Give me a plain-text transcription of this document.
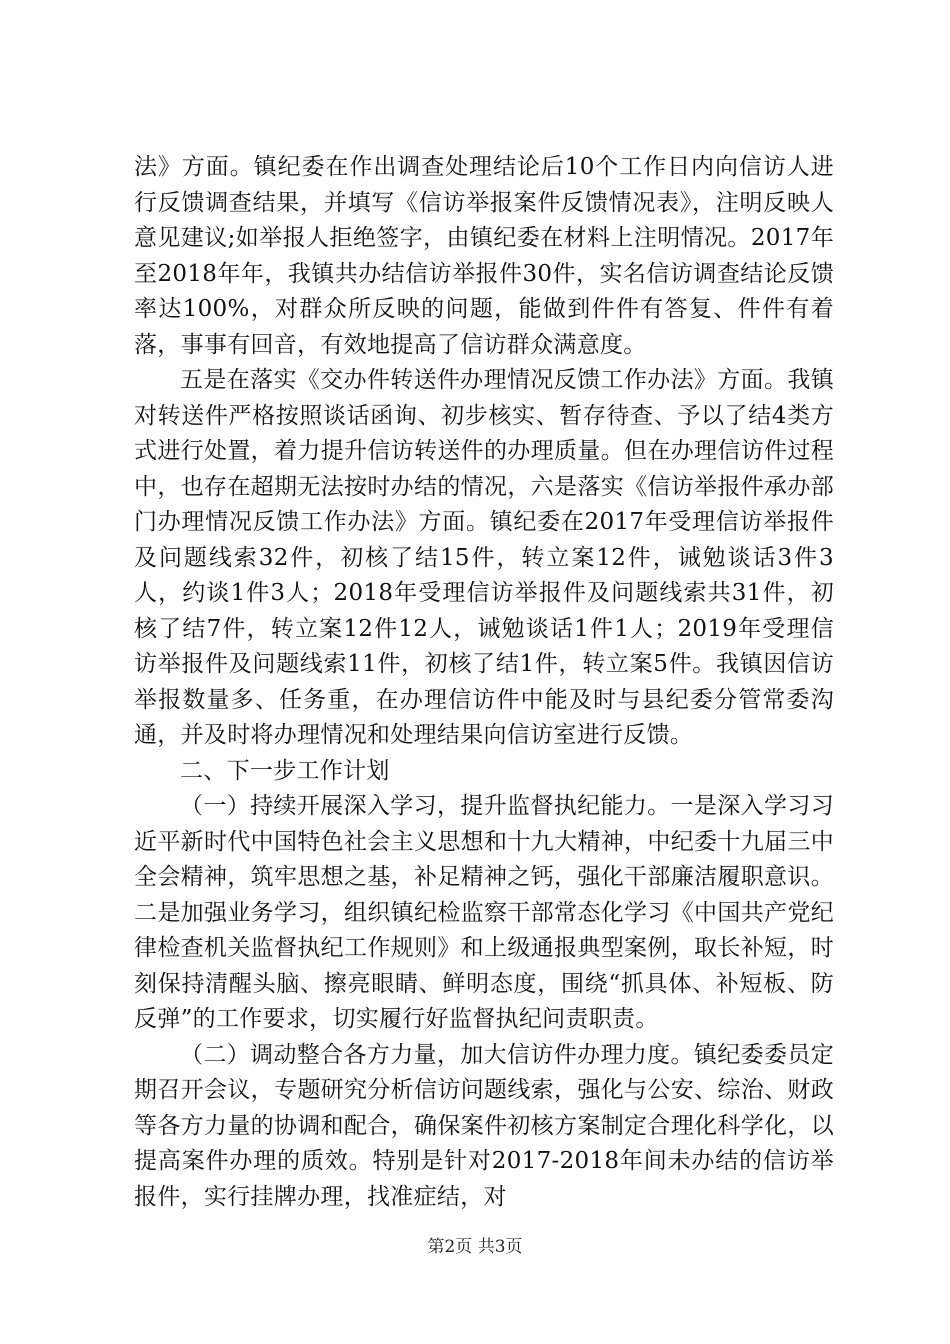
法》方面。镇纪委在作出调查处理结论后10个工作日内向信访人进行反馈调查结果，并填写《信访举报案件反馈情况表》，注明反映人意见建议;如举报人拒绝签字，由镇纪委在材料上注明情况。2017年至2018年年，我镇共办结信访举报件30件，实名信访调查结论反馈率达100%，对群众所反映的问题，能做到件件有答复、件件有着落，事事有回音，有效地提高了信访群众满意度。

五是在落实《交办件转送件办理情况反馈工作办法》方面。我镇对转送件严格按照谈话函询、初步核实、暂存待查、予以了结4类方式进行处置，着力提升信访转送件的办理质量。但在办理信访件过程中，也存在超期无法按时办结的情况，六是落实《信访举报件承办部门办理情况反馈工作办法》方面。镇纪委在2017年受理信访举报件及问题线索32件，初核了结15件，转立案12件，诫勉谈话3件3人，约谈1件3人；2018年受理信访举报件及问题线索共31件，初核了结7件，转立案12件12人，诫勉谈话1件1人；2019年受理信访举报件及问题线索11件，初核了结1件，转立案5件。我镇因信访举报数量多、任务重，在办理信访件中能及时与县纪委分管常委沟通，并及时将办理情况和处理结果向信访室进行反馈。

二、下一步工作计划

（一）持续开展深入学习，提升监督执纪能力。一是深入学习习近平新时代中国特色社会主义思想和十九大精神，中纪委十九届三中全会精神，筑牢思想之基，补足精神之钙，强化干部廉洁履职意识。二是加强业务学习，组织镇纪检监察干部常态化学习《中国共产党纪律检查机关监督执纪工作规则》和上级通报典型案例，取长补短，时刻保持清醒头脑、擦亮眼睛、鲜明态度，围绕“抓具体、补短板、防反弹”的工作要求，切实履行好监督执纪问责职责。

（二）调动整合各方力量，加大信访件办理力度。镇纪委委员定期召开会议，专题研究分析信访问题线索，强化与公安、综治、财政等各方力量的协调和配合，确保案件初核方案制定合理化科学化，以提高案件办理的质效。特别是针对2017-2018年间未办结的信访举报件，实行挂牌办理，找准症结，对

第2页 共3页
